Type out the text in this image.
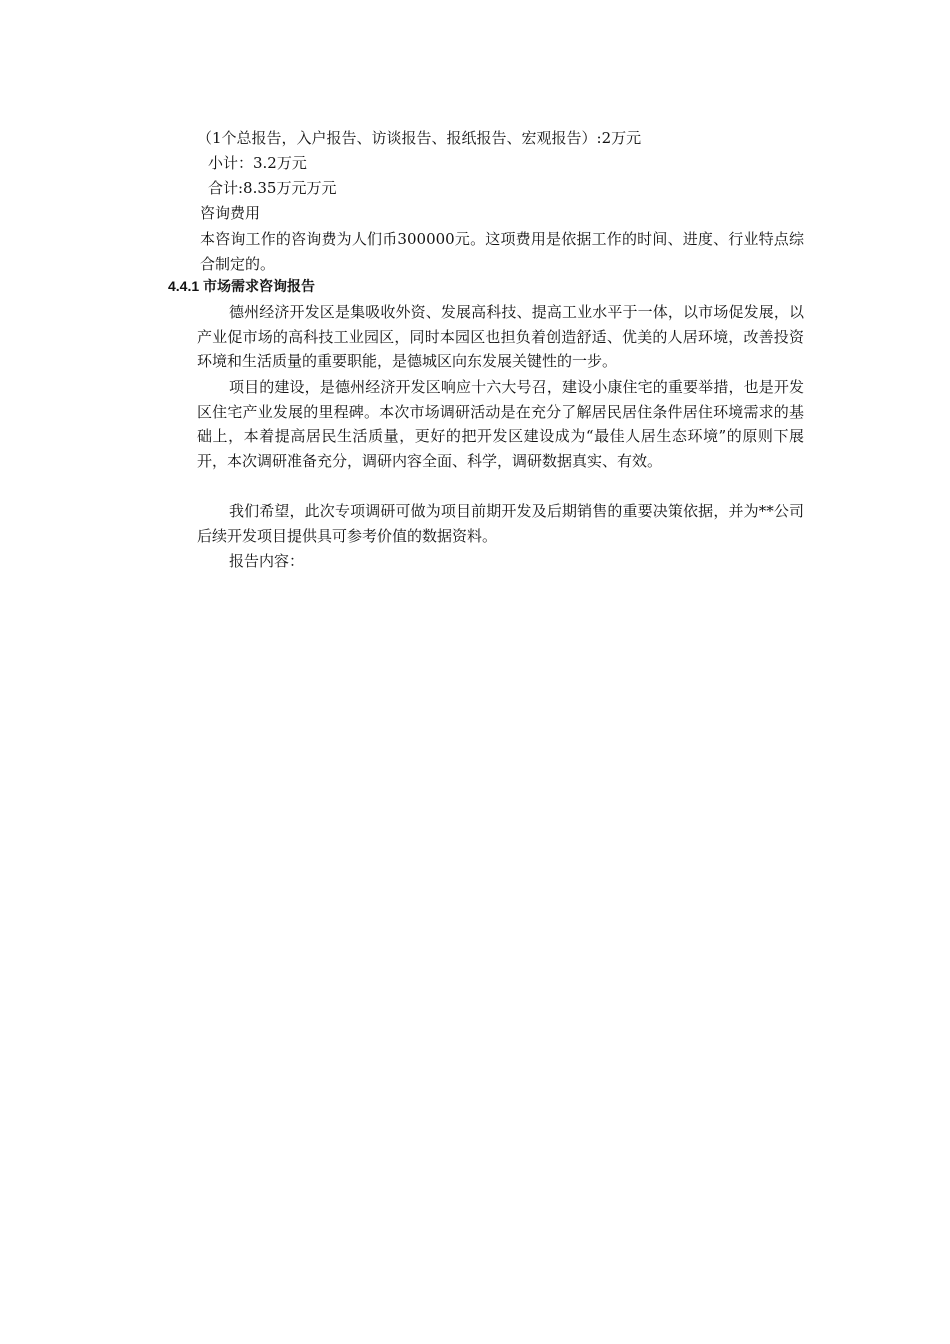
（1个总报告，入户报告、访谈报告、报纸报告、宏观报告）:2万元

小计：3.2万元

合计:8.35万元万元

咨询费用

本咨询工作的咨询费为人们币300000元。这项费用是依据工作的时间、进度、行业特点综合制定的。

4.4.1 市场需求咨询报告

德州经济开发区是集吸收外资、发展高科技、提高工业水平于一体，以市场促发展，以产业促市场的高科技工业园区，同时本园区也担负着创造舒适、优美的人居环境，改善投资环境和生活质量的重要职能，是德城区向东发展关键性的一步。

项目的建设，是德州经济开发区响应十六大号召，建设小康住宅的重要举措，也是开发区住宅产业发展的里程碑。本次市场调研活动是在充分了解居民居住条件居住环境需求的基础上，本着提高居民生活质量，更好的把开发区建设成为“最佳人居生态环境”的原则下展开，本次调研准备充分，调研内容全面、科学，调研数据真实、有效。

我们希望，此次专项调研可做为项目前期开发及后期销售的重要决策依据，并为**公司后续开发项目提供具可参考价值的数据资料。

报告内容：
